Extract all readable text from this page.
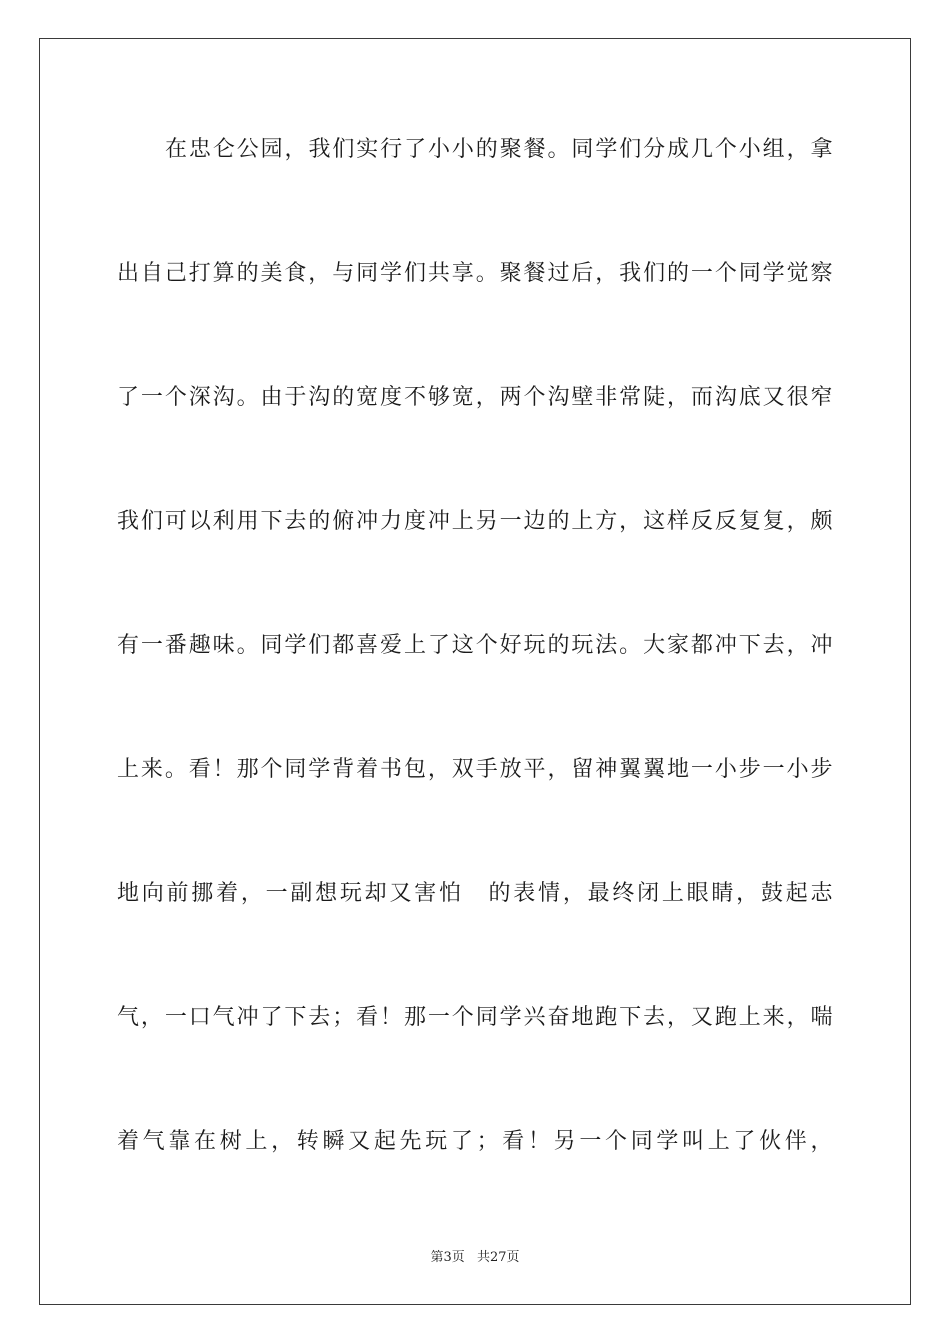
在忠仑公园，我们实行了小小的聚餐。同学们分成几个小组，拿
出自己打算的美食，与同学们共享。聚餐过后，我们的一个同学觉察
了一个深沟。由于沟的宽度不够宽，两个沟壁非常陡，而沟底又很窄
我们可以利用下去的俯冲力度冲上另一边的上方，这样反反复复，颇
有一番趣味。同学们都喜爱上了这个好玩的玩法。大家都冲下去，冲
上来。看！那个同学背着书包，双手放平，留神翼翼地一小步一小步
地向前挪着，一副想玩却又害怕　的表情，最终闭上眼睛，鼓起志
气，一口气冲了下去；看！那一个同学兴奋地跑下去，又跑上来，喘
着气靠在树上，转瞬又起先玩了；看！另一个同学叫上了伙伴，
第3页 共27页
